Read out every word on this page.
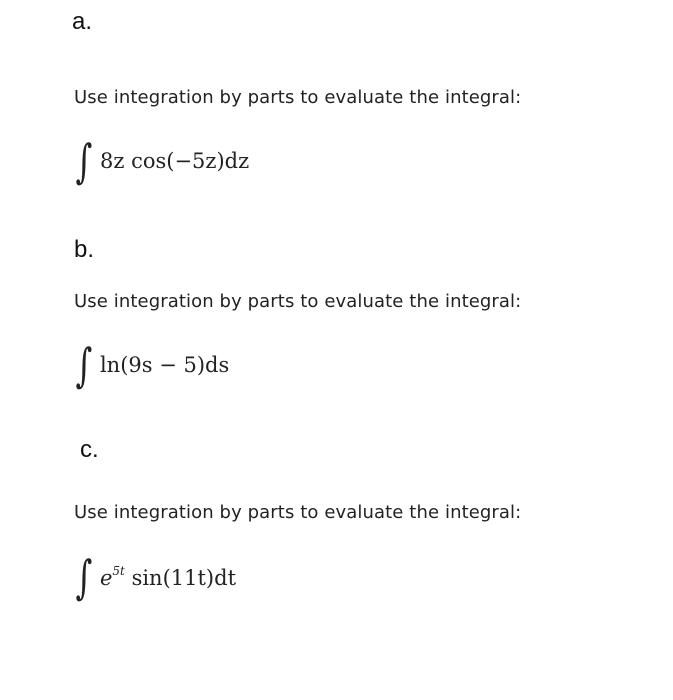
a.
Use integration by parts to evaluate the integral:
∫ 8z cos(−5z)dz
b.
Use integration by parts to evaluate the integral:
∫ ln(9s − 5)ds
c.
Use integration by parts to evaluate the integral:
∫ $e^{5t}$ sin(11t)dt
